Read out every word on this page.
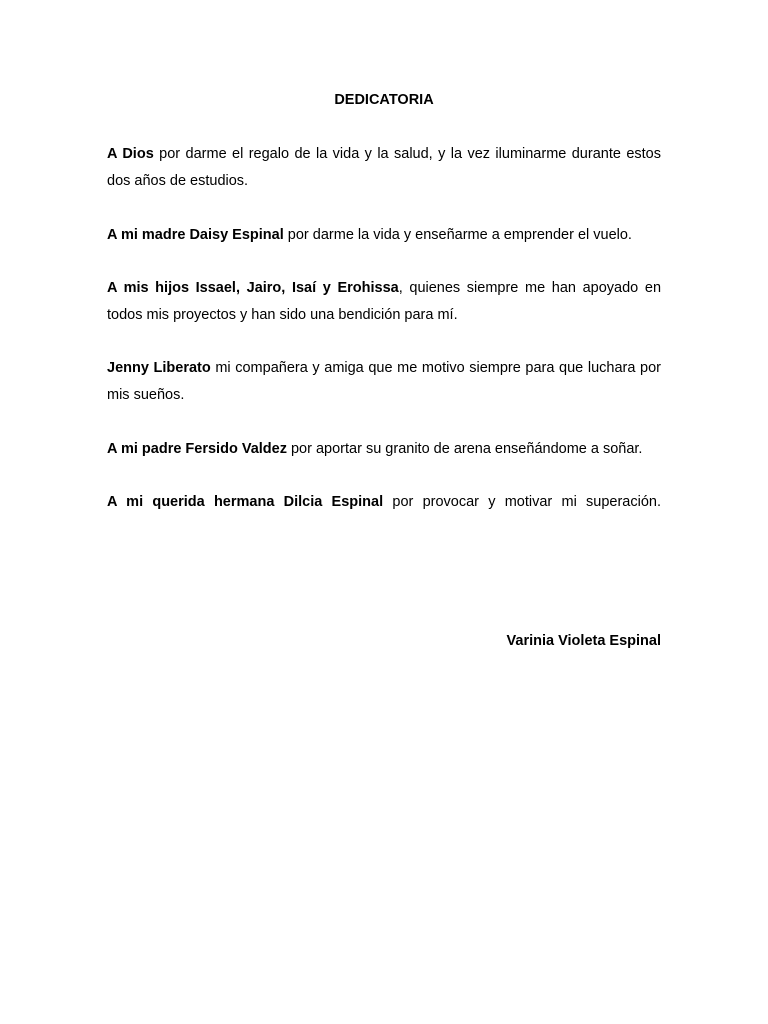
DEDICATORIA

A Dios por darme el regalo de la vida y la salud, y la vez iluminarme durante estos dos años de estudios.

A mi madre Daisy Espinal por darme la vida y enseñarme a emprender el vuelo.

A mis hijos Issael, Jairo, Isaí y Erohissa, quienes siempre me han apoyado en todos mis proyectos y han sido una bendición para mí.

Jenny Liberato mi compañera y amiga que me motivo siempre para que luchara por mis sueños.

A mi padre Fersido Valdez por aportar su granito de arena enseñándome a soñar.

A mi querida hermana Dilcia Espinal por provocar y motivar mi superación.

Varinia Violeta Espinal
